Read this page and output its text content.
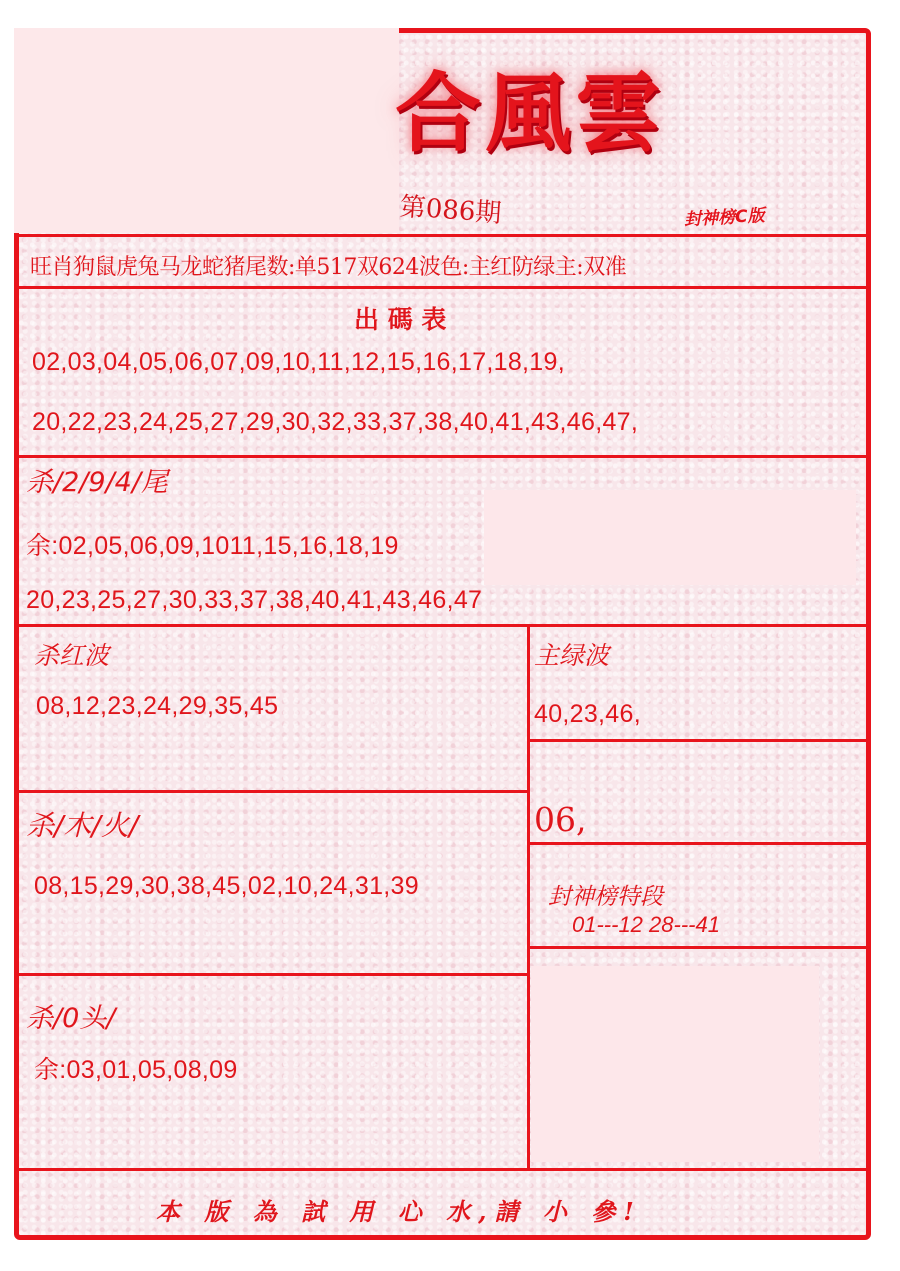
合風雲
第086期	封神榜C版
旺肖狗鼠虎兔马龙蛇猪尾数:单517双624波色:主红防绿主:双准
出 碼 表
02,03,04,05,06,07,09,10,11,12,15,16,17,18,19,
20,22,23,24,25,27,29,30,32,33,37,38,40,41,43,46,47,
杀/2/9/4/尾
余:02,05,06,09,1011,15,16,18,19
20,23,25,27,30,33,37,38,40,41,43,46,47
杀红波
08,12,23,24,29,35,45
主绿波
40,23,46,
06,
杀/木/火/
08,15,29,30,38,45,02,10,24,31,39	封神榜特段
01---12 28---41
杀/0头/
余:03,01,05,08,09
本 版 為 試 用 心 水,請 小 參!
